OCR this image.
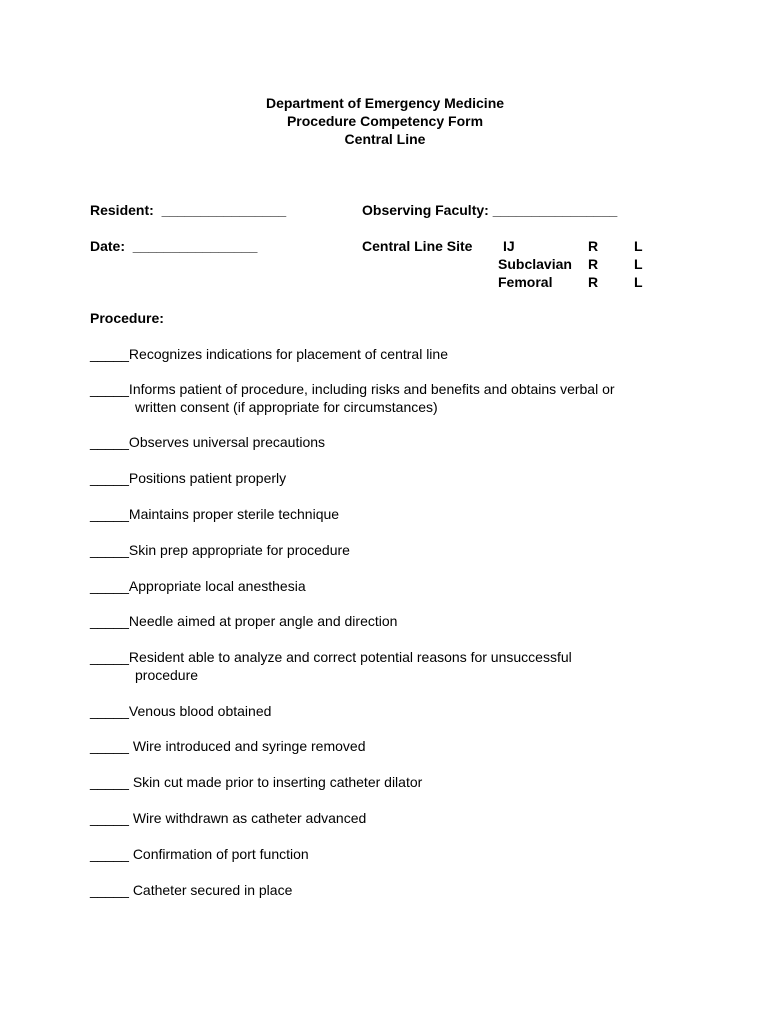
Department of Emergency Medicine
Procedure Competency Form
Central Line
Resident:  ________________	Observing Faculty: ________________
Date:  ________________	Central Line Site IJ	R	L
Subclavian R	L
Femoral	R	L
Procedure:
_____Recognizes indications for placement of central line
_____Informs patient of procedure, including risks and benefits and obtains verbal or
written consent (if appropriate for circumstances)
_____Observes universal precautions
_____Positions patient properly
_____Maintains proper sterile technique
_____Skin prep appropriate for procedure
_____Appropriate local anesthesia
_____Needle aimed at proper angle and direction
_____Resident able to analyze and correct potential reasons for unsuccessful
procedure
_____Venous blood obtained
_____ Wire introduced and syringe removed
_____ Skin cut made prior to inserting catheter dilator
_____ Wire withdrawn as catheter advanced
_____ Confirmation of port function
_____ Catheter secured in place
